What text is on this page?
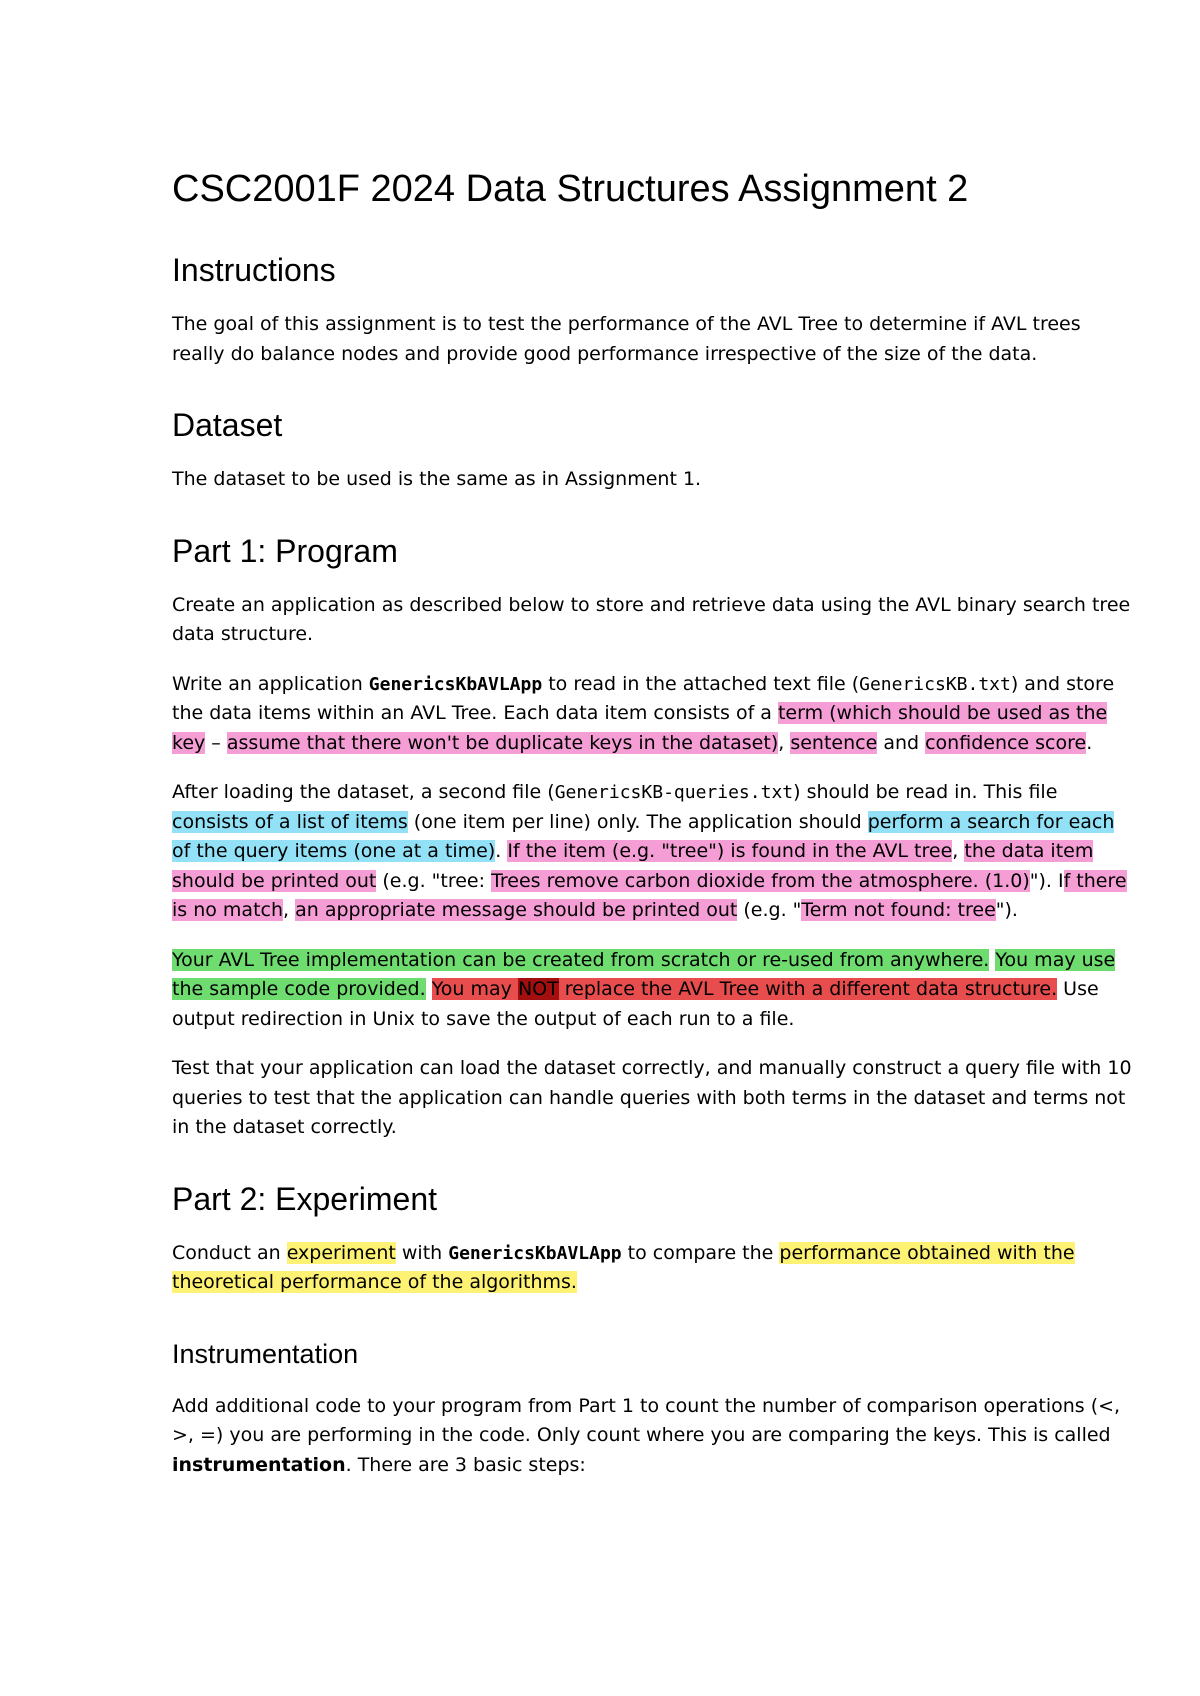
CSC2001F 2024 Data Structures Assignment 2
Instructions

The goal of this assignment is to test the performance of the AVL Tree to determine if AVL trees really do balance nodes and provide good performance irrespective of the size of the data.

Dataset

The dataset to be used is the same as in Assignment 1.

Part 1: Program

Create an application as described below to store and retrieve data using the AVL binary search tree data structure.

Write an application GenericsKbAVLApp to read in the attached text file (GenericsKB.txt) and store the data items within an AVL Tree. Each data item consists of a term (which should be used as the key – assume that there won't be duplicate keys in the dataset), sentence and confidence score.

After loading the dataset, a second file (GenericsKB-queries.txt) should be read in. This file consists of a list of items (one item per line) only. The application should perform a search for each of the query items (one at a time). If the item (e.g. "tree") is found in the AVL tree, the data item should be printed out (e.g. "tree: Trees remove carbon dioxide from the atmosphere. (1.0)"). If there is no match, an appropriate message should be printed out (e.g. "Term not found: tree").

Your AVL Tree implementation can be created from scratch or re-used from anywhere. You may use the sample code provided. You may NOT replace the AVL Tree with a different data structure. Use output redirection in Unix to save the output of each run to a file.

Test that your application can load the dataset correctly, and manually construct a query file with 10 queries to test that the application can handle queries with both terms in the dataset and terms not in the dataset correctly.

Part 2: Experiment

Conduct an experiment with GenericsKbAVLApp to compare the performance obtained with the theoretical performance of the algorithms.

Instrumentation

Add additional code to your program from Part 1 to count the number of comparison operations (<, >, =) you are performing in the code. Only count where you are comparing the keys. This is called instrumentation. There are 3 basic steps:
